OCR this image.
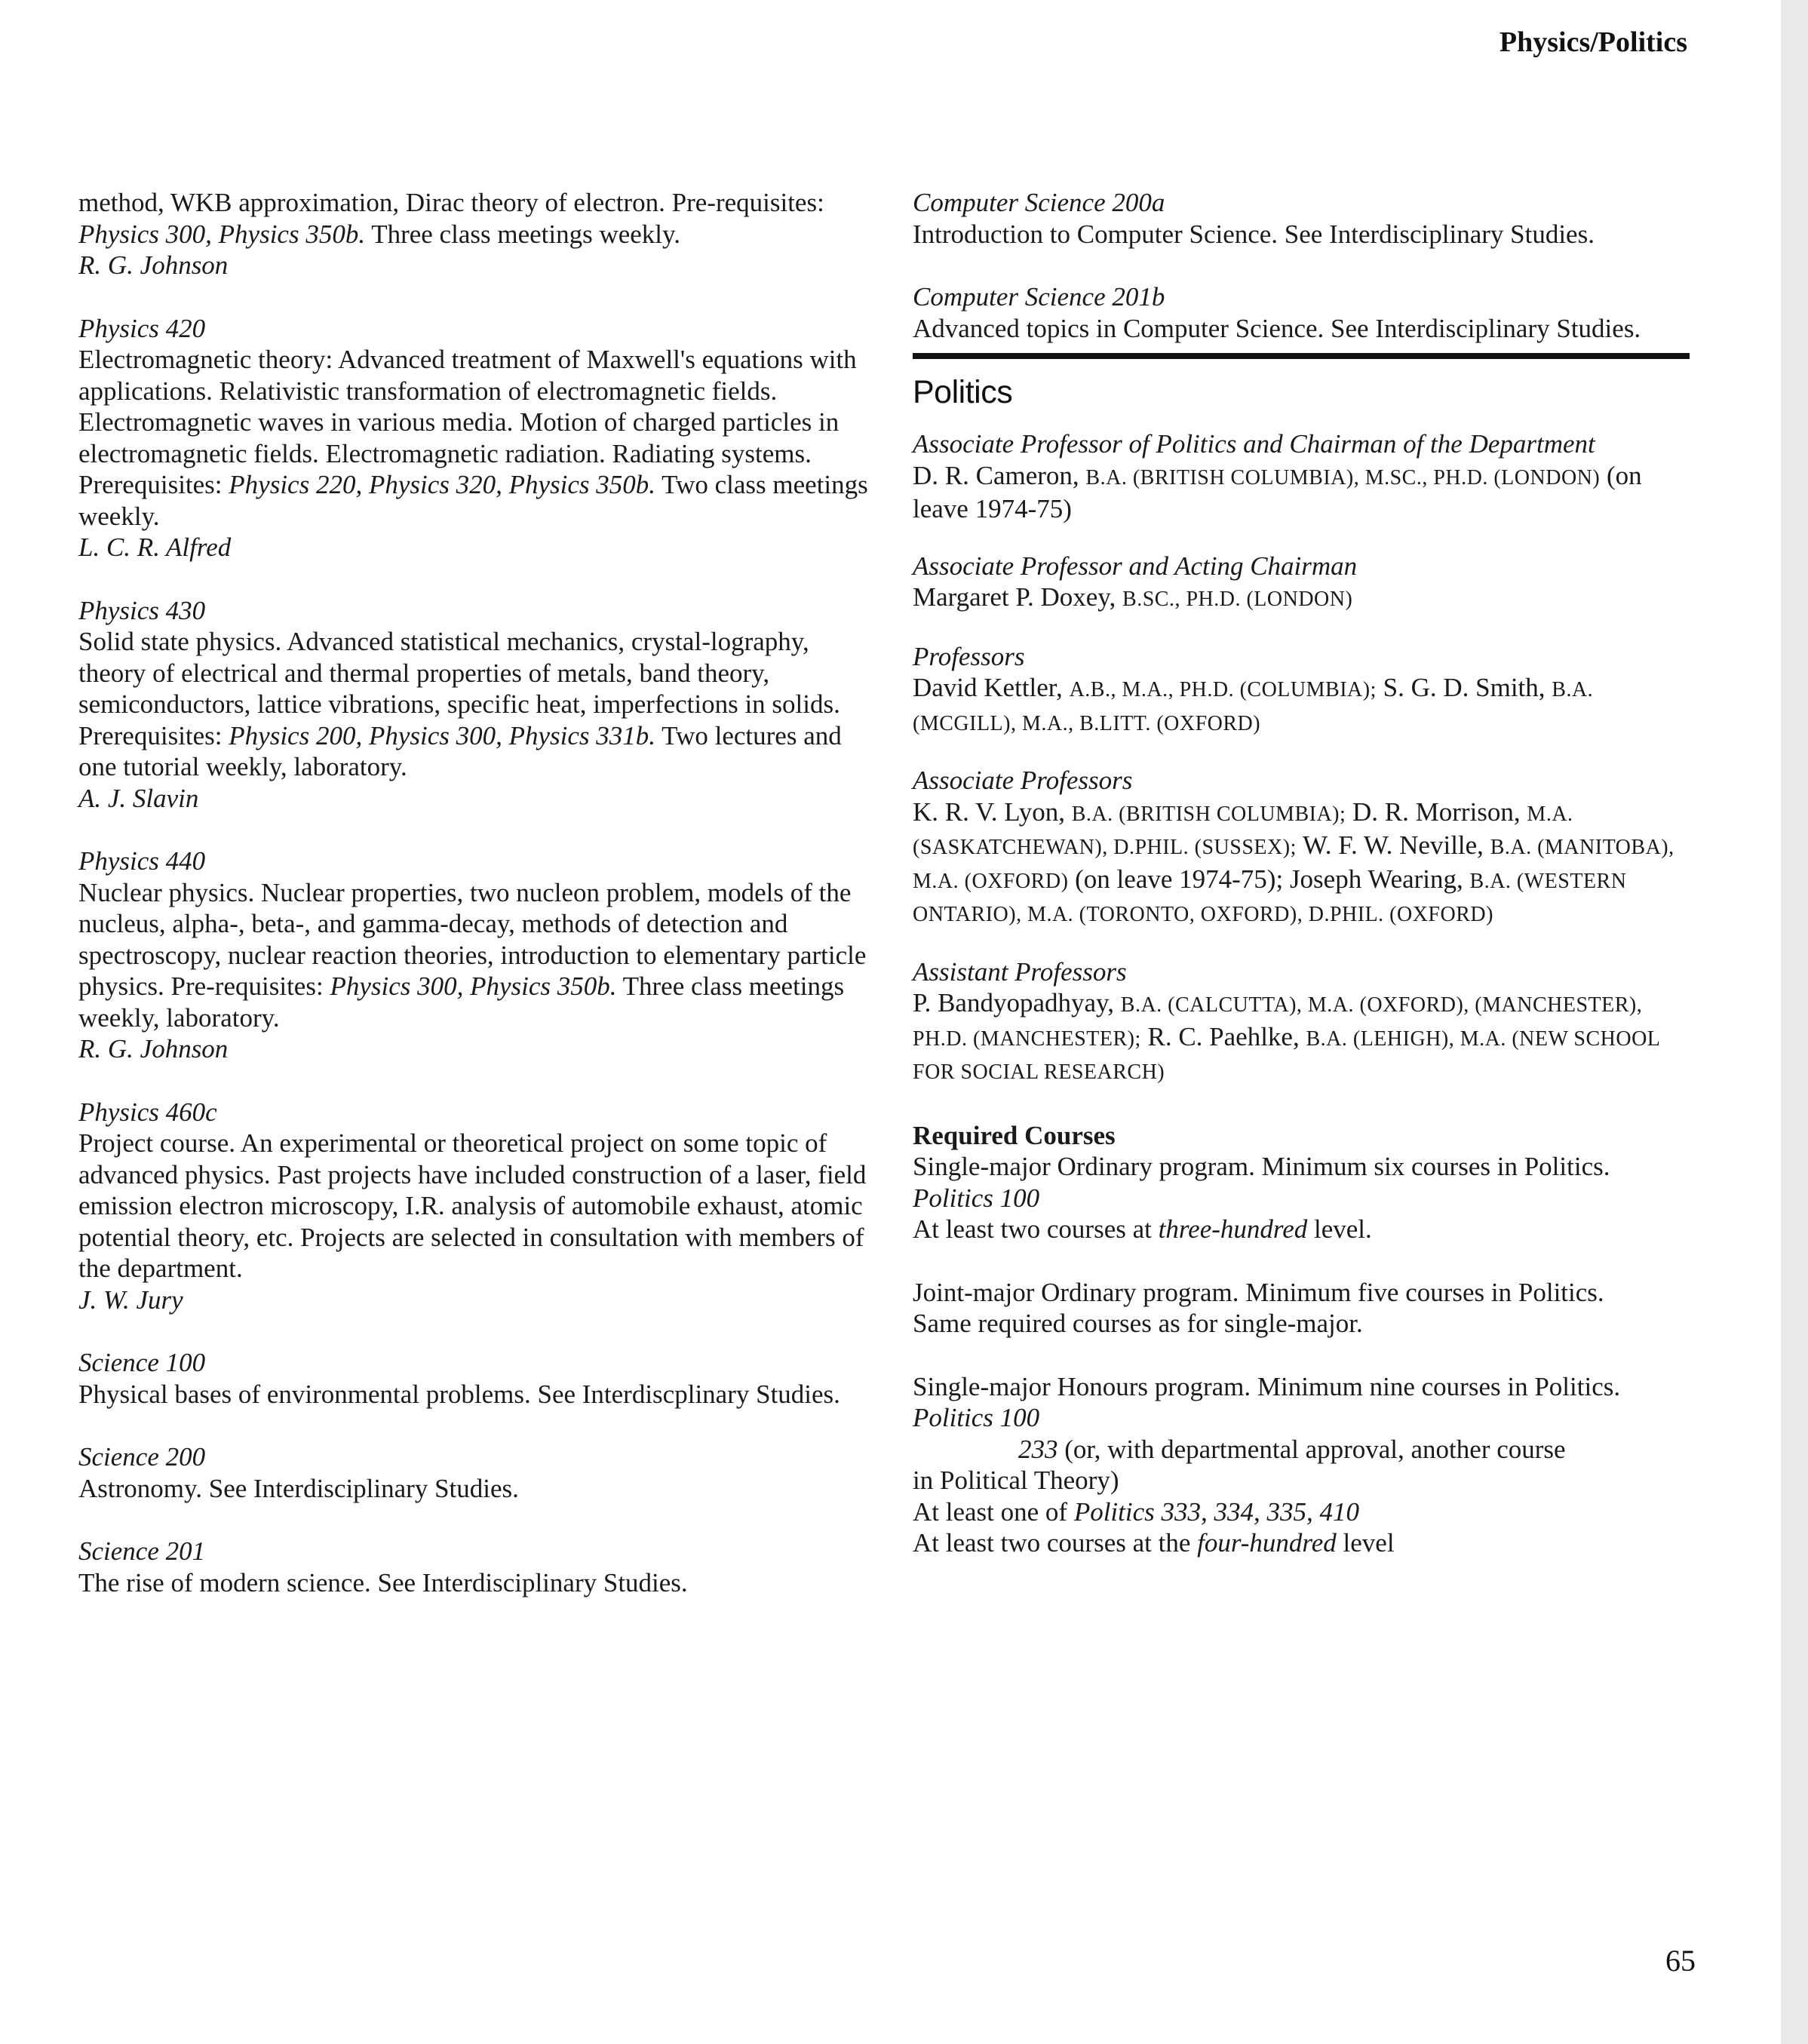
Physics/Politics
method, WKB approximation, Dirac theory of electron. Pre-requisites: Physics 300, Physics 350b. Three class meetings weekly.
R. G. Johnson
Physics 420
Electromagnetic theory: Advanced treatment of Maxwell's equations with applications. Relativistic transformation of electromagnetic fields. Electromagnetic waves in various media. Motion of charged particles in electromagnetic fields. Electromagnetic radiation. Radiating systems. Prerequisites: Physics 220, Physics 320, Physics 350b. Two class meetings weekly.
L. C. R. Alfred
Physics 430
Solid state physics. Advanced statistical mechanics, crystal-lography, theory of electrical and thermal properties of metals, band theory, semiconductors, lattice vibrations, specific heat, imperfections in solids. Prerequisites: Physics 200, Physics 300, Physics 331b. Two lectures and one tutorial weekly, laboratory.
A. J. Slavin
Physics 440
Nuclear physics. Nuclear properties, two nucleon problem, models of the nucleus, alpha-, beta-, and gamma-decay, methods of detection and spectroscopy, nuclear reaction theories, introduction to elementary particle physics. Pre-requisites: Physics 300, Physics 350b. Three class meetings weekly, laboratory.
R. G. Johnson
Physics 460c
Project course. An experimental or theoretical project on some topic of advanced physics. Past projects have included construction of a laser, field emission electron microscopy, I.R. analysis of automobile exhaust, atomic potential theory, etc. Projects are selected in consultation with members of the department.
J. W. Jury
Science 100
Physical bases of environmental problems. See Interdiscplinary Studies.
Science 200
Astronomy. See Interdisciplinary Studies.
Science 201
The rise of modern science. See Interdisciplinary Studies.
Computer Science 200a
Introduction to Computer Science. See Interdisciplinary Studies.
Computer Science 201b
Advanced topics in Computer Science. See Interdisciplinary Studies.
Politics
Associate Professor of Politics and Chairman of the Department
D. R. Cameron, B.A. (BRITISH COLUMBIA), M.SC., PH.D. (LONDON) (on leave 1974-75)
Associate Professor and Acting Chairman
Margaret P. Doxey, B.SC., PH.D. (LONDON)
Professors
David Kettler, A.B., M.A., PH.D. (COLUMBIA); S. G. D. Smith, B.A. (MCGILL), M.A., B.LITT. (OXFORD)
Associate Professors
K. R. V. Lyon, B.A. (BRITISH COLUMBIA); D. R. Morrison, M.A. (SASKATCHEWAN), D.PHIL. (SUSSEX); W. F. W. Neville, B.A. (MANITOBA), M.A. (OXFORD) (on leave 1974-75); Joseph Wearing, B.A. (WESTERN ONTARIO), M.A. (TORONTO, OXFORD), D.PHIL. (OXFORD)
Assistant Professors
P. Bandyopadhyay, B.A. (CALCUTTA), M.A. (OXFORD), (MANCHESTER), PH.D. (MANCHESTER); R. C. Paehlke, B.A. (LEHIGH), M.A. (NEW SCHOOL FOR SOCIAL RESEARCH)
Required Courses
Single-major Ordinary program. Minimum six courses in Politics.
Politics 100
At least two courses at three-hundred level.
Joint-major Ordinary program. Minimum five courses in Politics.
Same required courses as for single-major.
Single-major Honours program. Minimum nine courses in Politics.
Politics 100
233 (or, with departmental approval, another course
in Political Theory)
At least one of Politics 333, 334, 335, 410
At least two courses at the four-hundred level
65
